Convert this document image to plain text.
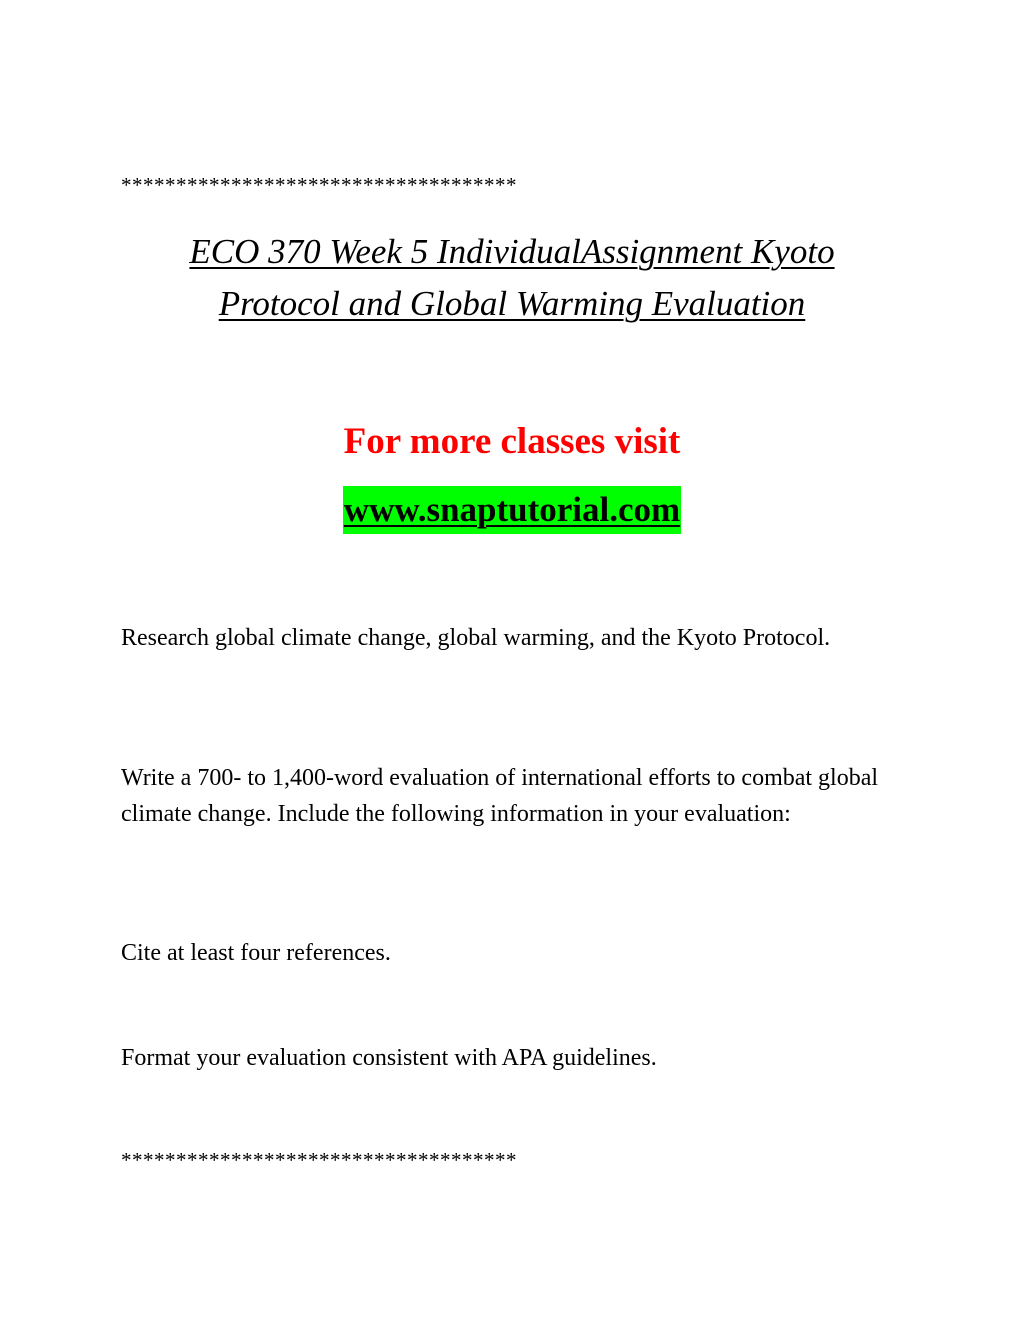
************************************
ECO 370 Week 5 IndividualAssignment Kyoto
Protocol and Global Warming Evaluation
For more classes visit
www.snaptutorial.com

Research global climate change, global warming, and the Kyoto Protocol.

Write a 700- to 1,400-word evaluation of international efforts to combat global climate change. Include the following information in your evaluation:

Cite at least four references.

Format your evaluation consistent with APA guidelines.

************************************
